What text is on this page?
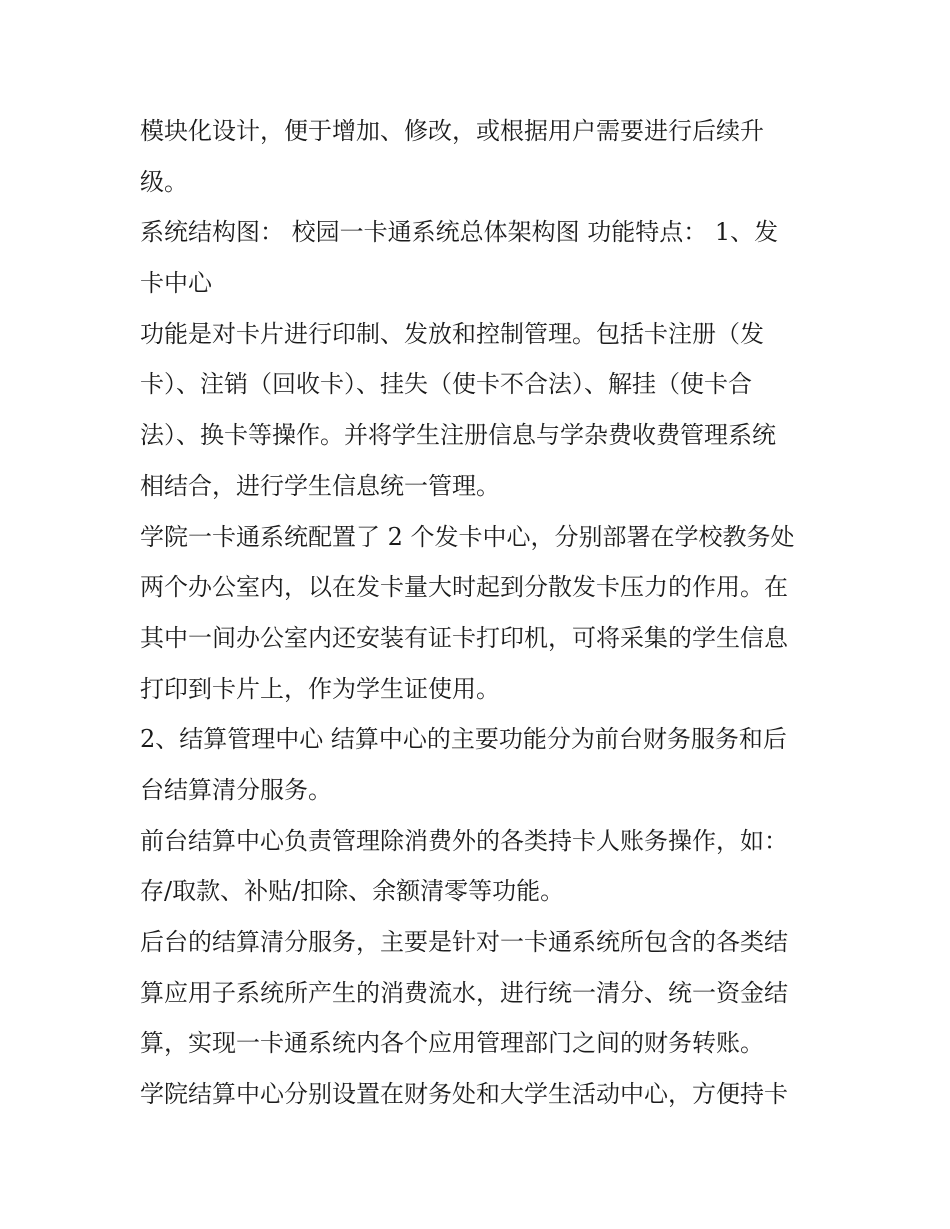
模块化设计，便于增加、修改，或根据用户需要进行后续升
级。
系统结构图： 校园一卡通系统总体架构图 功能特点： 1、发
卡中心
功能是对卡片进行印制、发放和控制管理。包括卡注册（发
卡）、注销（回收卡）、挂失（使卡不合法）、解挂（使卡合
法）、换卡等操作。并将学生注册信息与学杂费收费管理系统
相结合，进行学生信息统一管理。
学院一卡通系统配置了 2 个发卡中心，分别部署在学校教务处
两个办公室内，以在发卡量大时起到分散发卡压力的作用。在
其中一间办公室内还安装有证卡打印机，可将采集的学生信息
打印到卡片上，作为学生证使用。
2、结算管理中心 结算中心的主要功能分为前台财务服务和后
台结算清分服务。
前台结算中心负责管理除消费外的各类持卡人账务操作，如：
存/取款、补贴/扣除、余额清零等功能。
后台的结算清分服务，主要是针对一卡通系统所包含的各类结
算应用子系统所产生的消费流水，进行统一清分、统一资金结
算，实现一卡通系统内各个应用管理部门之间的财务转账。
学院结算中心分别设置在财务处和大学生活动中心，方便持卡
